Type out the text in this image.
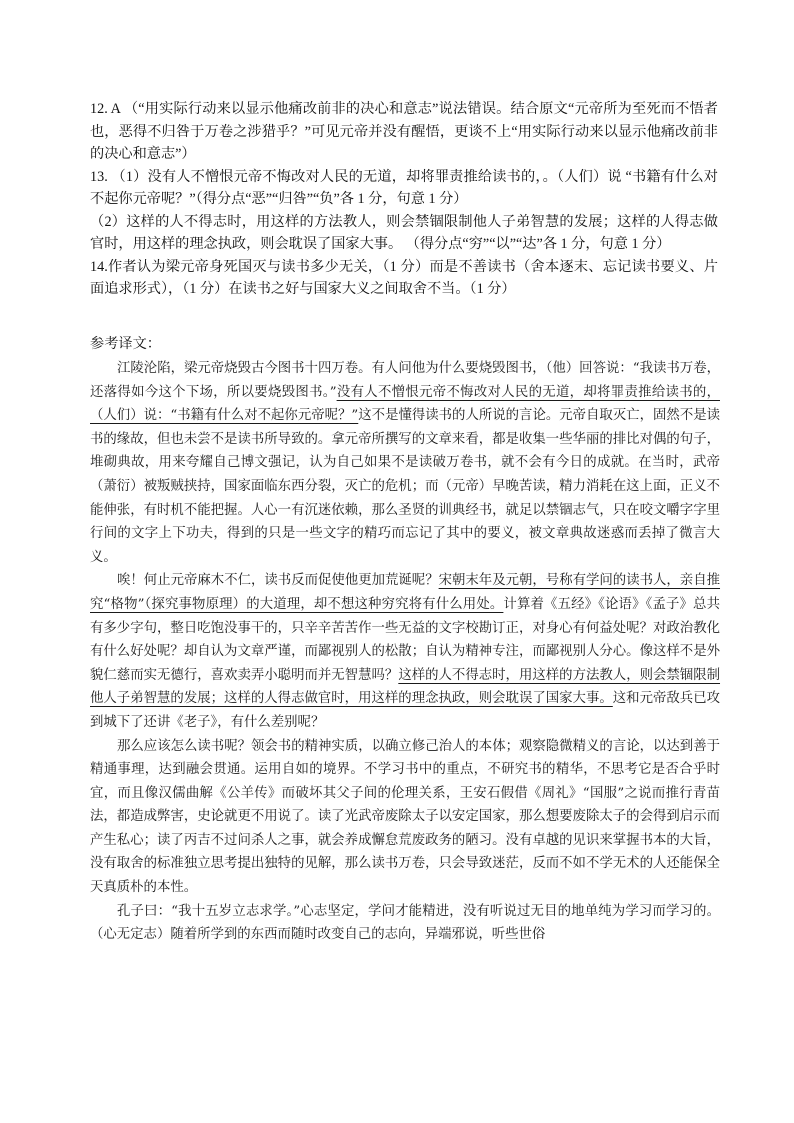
12. A （“用实际行动来以显示他痛改前非的决心和意志”说法错误。结合原文“元帝所为至死而不悟者也，恶得不归咎于万卷之涉猎乎？”可见元帝并没有醒悟，更谈不上“用实际行动来以显示他痛改前非的决心和意志”）

13. （1）没有人不憎恨元帝不悔改对人民的无道，却将罪责推给读书的，。（人们）说 “书籍有什么对不起你元帝呢？”（得分点“恶”“归咎”“负”各 1 分，句意 1 分）

（2）这样的人不得志时，用这样的方法教人，则会禁锢限制他人子弟智慧的发展；这样的人得志做官时，用这样的理念执政，则会耽误了国家大事。 （得分点“穷”“以”“达”各 1 分，句意 1 分）

14.作者认为梁元帝身死国灭与读书多少无关，（1 分）而是不善读书（舍本逐末、忘记读书要义、片面追求形式），（1 分）在读书之好与国家大义之间取舍不当。（1 分）

参考译文：

江陵沦陷，梁元帝烧毁古今图书十四万卷。有人问他为什么要烧毁图书，（他）回答说：“我读书万卷，还落得如今这个下场，所以要烧毁图书。”没有人不憎恨元帝不悔改对人民的无道，却将罪责推给读书的，（人们）说：“书籍有什么对不起你元帝呢？”这不是懂得读书的人所说的言论。元帝自取灭亡，固然不是读书的缘故，但也未尝不是读书所导致的。拿元帝所撰写的文章来看，都是收集一些华丽的排比对偶的句子，堆砌典故，用来夸耀自己博文强记，认为自己如果不是读破万卷书，就不会有今日的成就。在当时，武帝（萧衍）被叛贼挟持，国家面临东西分裂，灭亡的危机；而（元帝）早晚苦读，精力消耗在这上面，正义不能伸张，有时机不能把握。人心一有沉迷依赖，那么圣贤的训典经书，就足以禁锢志气，只在咬文嚼字字里行间的文字上下功夫，得到的只是一些文字的精巧而忘记了其中的要义，被文章典故迷惑而丢掉了微言大义。

唉！何止元帝麻木不仁，读书反而促使他更加荒诞呢？宋朝末年及元朝，号称有学问的读书人，亲自推究“格物”（探究事物原理）的大道理，却不想这种穷究将有什么用处。计算着《五经》《论语》《孟子》总共有多少字句，整日吃饱没事干的，只辛辛苦苦作一些无益的文字校勘订正，对身心有何益处呢？对政治教化有什么好处呢？却自认为文章严谨，而鄙视别人的松散；自认为精神专注，而鄙视别人分心。像这样不是外貌仁慈而实无德行，喜欢卖弄小聪明而并无智慧吗？这样的人不得志时，用这样的方法教人，则会禁锢限制他人子弟智慧的发展；这样的人得志做官时，用这样的理念执政，则会耽误了国家大事。这和元帝敌兵已攻到城下了还讲《老子》，有什么差别呢？

那么应该怎么读书呢？领会书的精神实质，以确立修己治人的本体；观察隐微精义的言论，以达到善于精通事理，达到融会贯通。运用自如的境界。不学习书中的重点，不研究书的精华，不思考它是否合乎时宜，而且像汉儒曲解《公羊传》而破坏其父子间的伦理关系，王安石假借《周礼》“国服”之说而推行青苗法，都造成弊害，史论就更不用说了。读了光武帝废除太子以安定国家，那么想要废除太子的会得到启示而产生私心；读了丙吉不过问杀人之事，就会养成懈怠荒废政务的陋习。没有卓越的见识来掌握书本的大旨，没有取舍的标准独立思考提出独特的见解，那么读书万卷，只会导致迷茫，反而不如不学无术的人还能保全天真质朴的本性。

孔子曰：“我十五岁立志求学。”心志坚定，学问才能精进，没有听说过无目的地单纯为学习而学习的。（心无定志）随着所学到的东西而随时改变自己的志向，异端邪说，听些世俗
